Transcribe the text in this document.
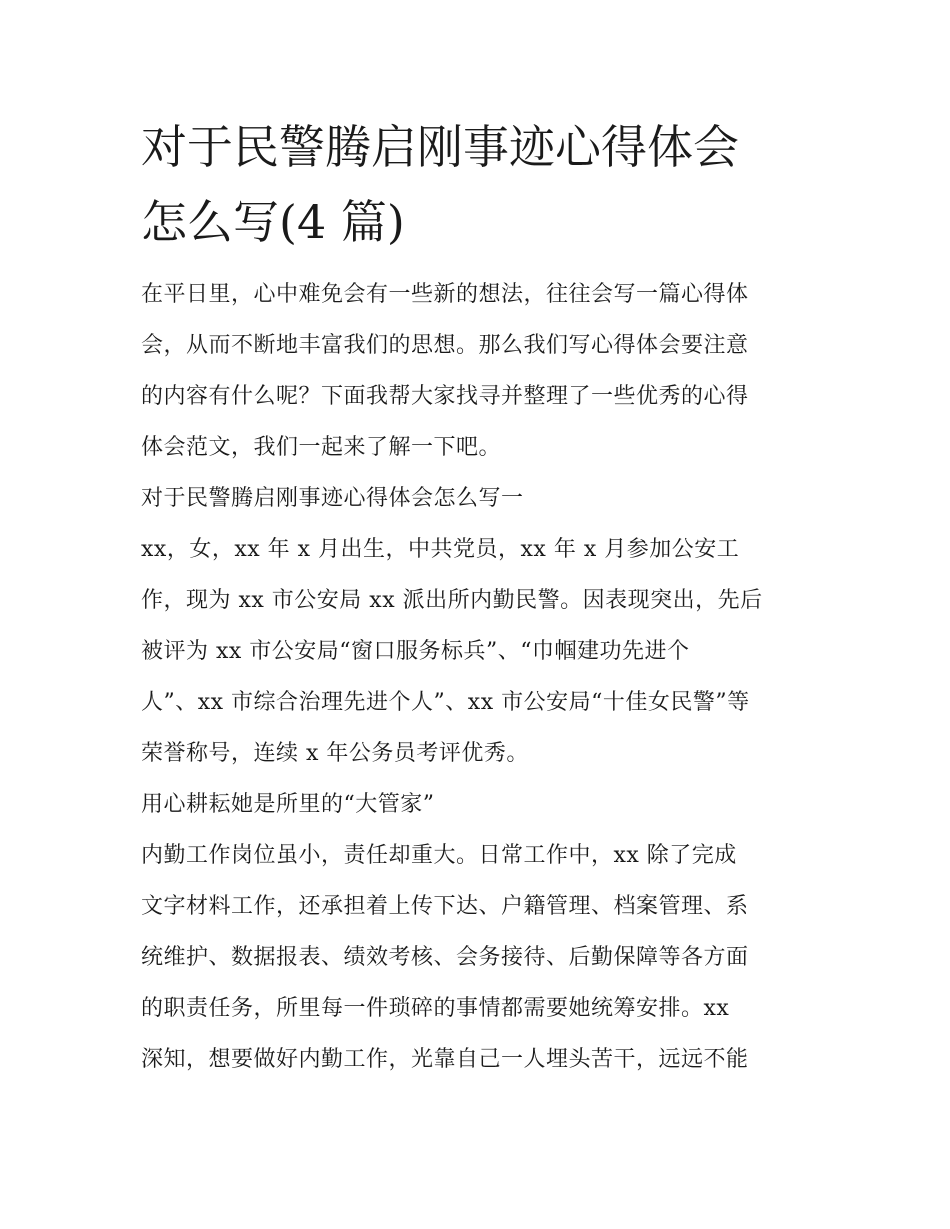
对于民警腾启刚事迹心得体会
怎么写(4 篇)
在平日里，心中难免会有一些新的想法，往往会写一篇心得体
会，从而不断地丰富我们的思想。那么我们写心得体会要注意
的内容有什么呢？下面我帮大家找寻并整理了一些优秀的心得
体会范文，我们一起来了解一下吧。
对于民警腾启刚事迹心得体会怎么写一
xx，女，xx 年 x 月出生，中共党员，xx 年 x 月参加公安工
作，现为 xx 市公安局 xx 派出所内勤民警。因表现突出，先后
被评为 xx 市公安局“窗口服务标兵”、“巾帼建功先进个
人”、xx 市综合治理先进个人”、xx 市公安局“十佳女民警”等
荣誉称号，连续 x 年公务员考评优秀。
用心耕耘她是所里的“大管家”
内勤工作岗位虽小，责任却重大。日常工作中，xx 除了完成
文字材料工作，还承担着上传下达、户籍管理、档案管理、系
统维护、数据报表、绩效考核、会务接待、后勤保障等各方面
的职责任务，所里每一件琐碎的事情都需要她统筹安排。xx
深知，想要做好内勤工作，光靠自己一人埋头苦干，远远不能
